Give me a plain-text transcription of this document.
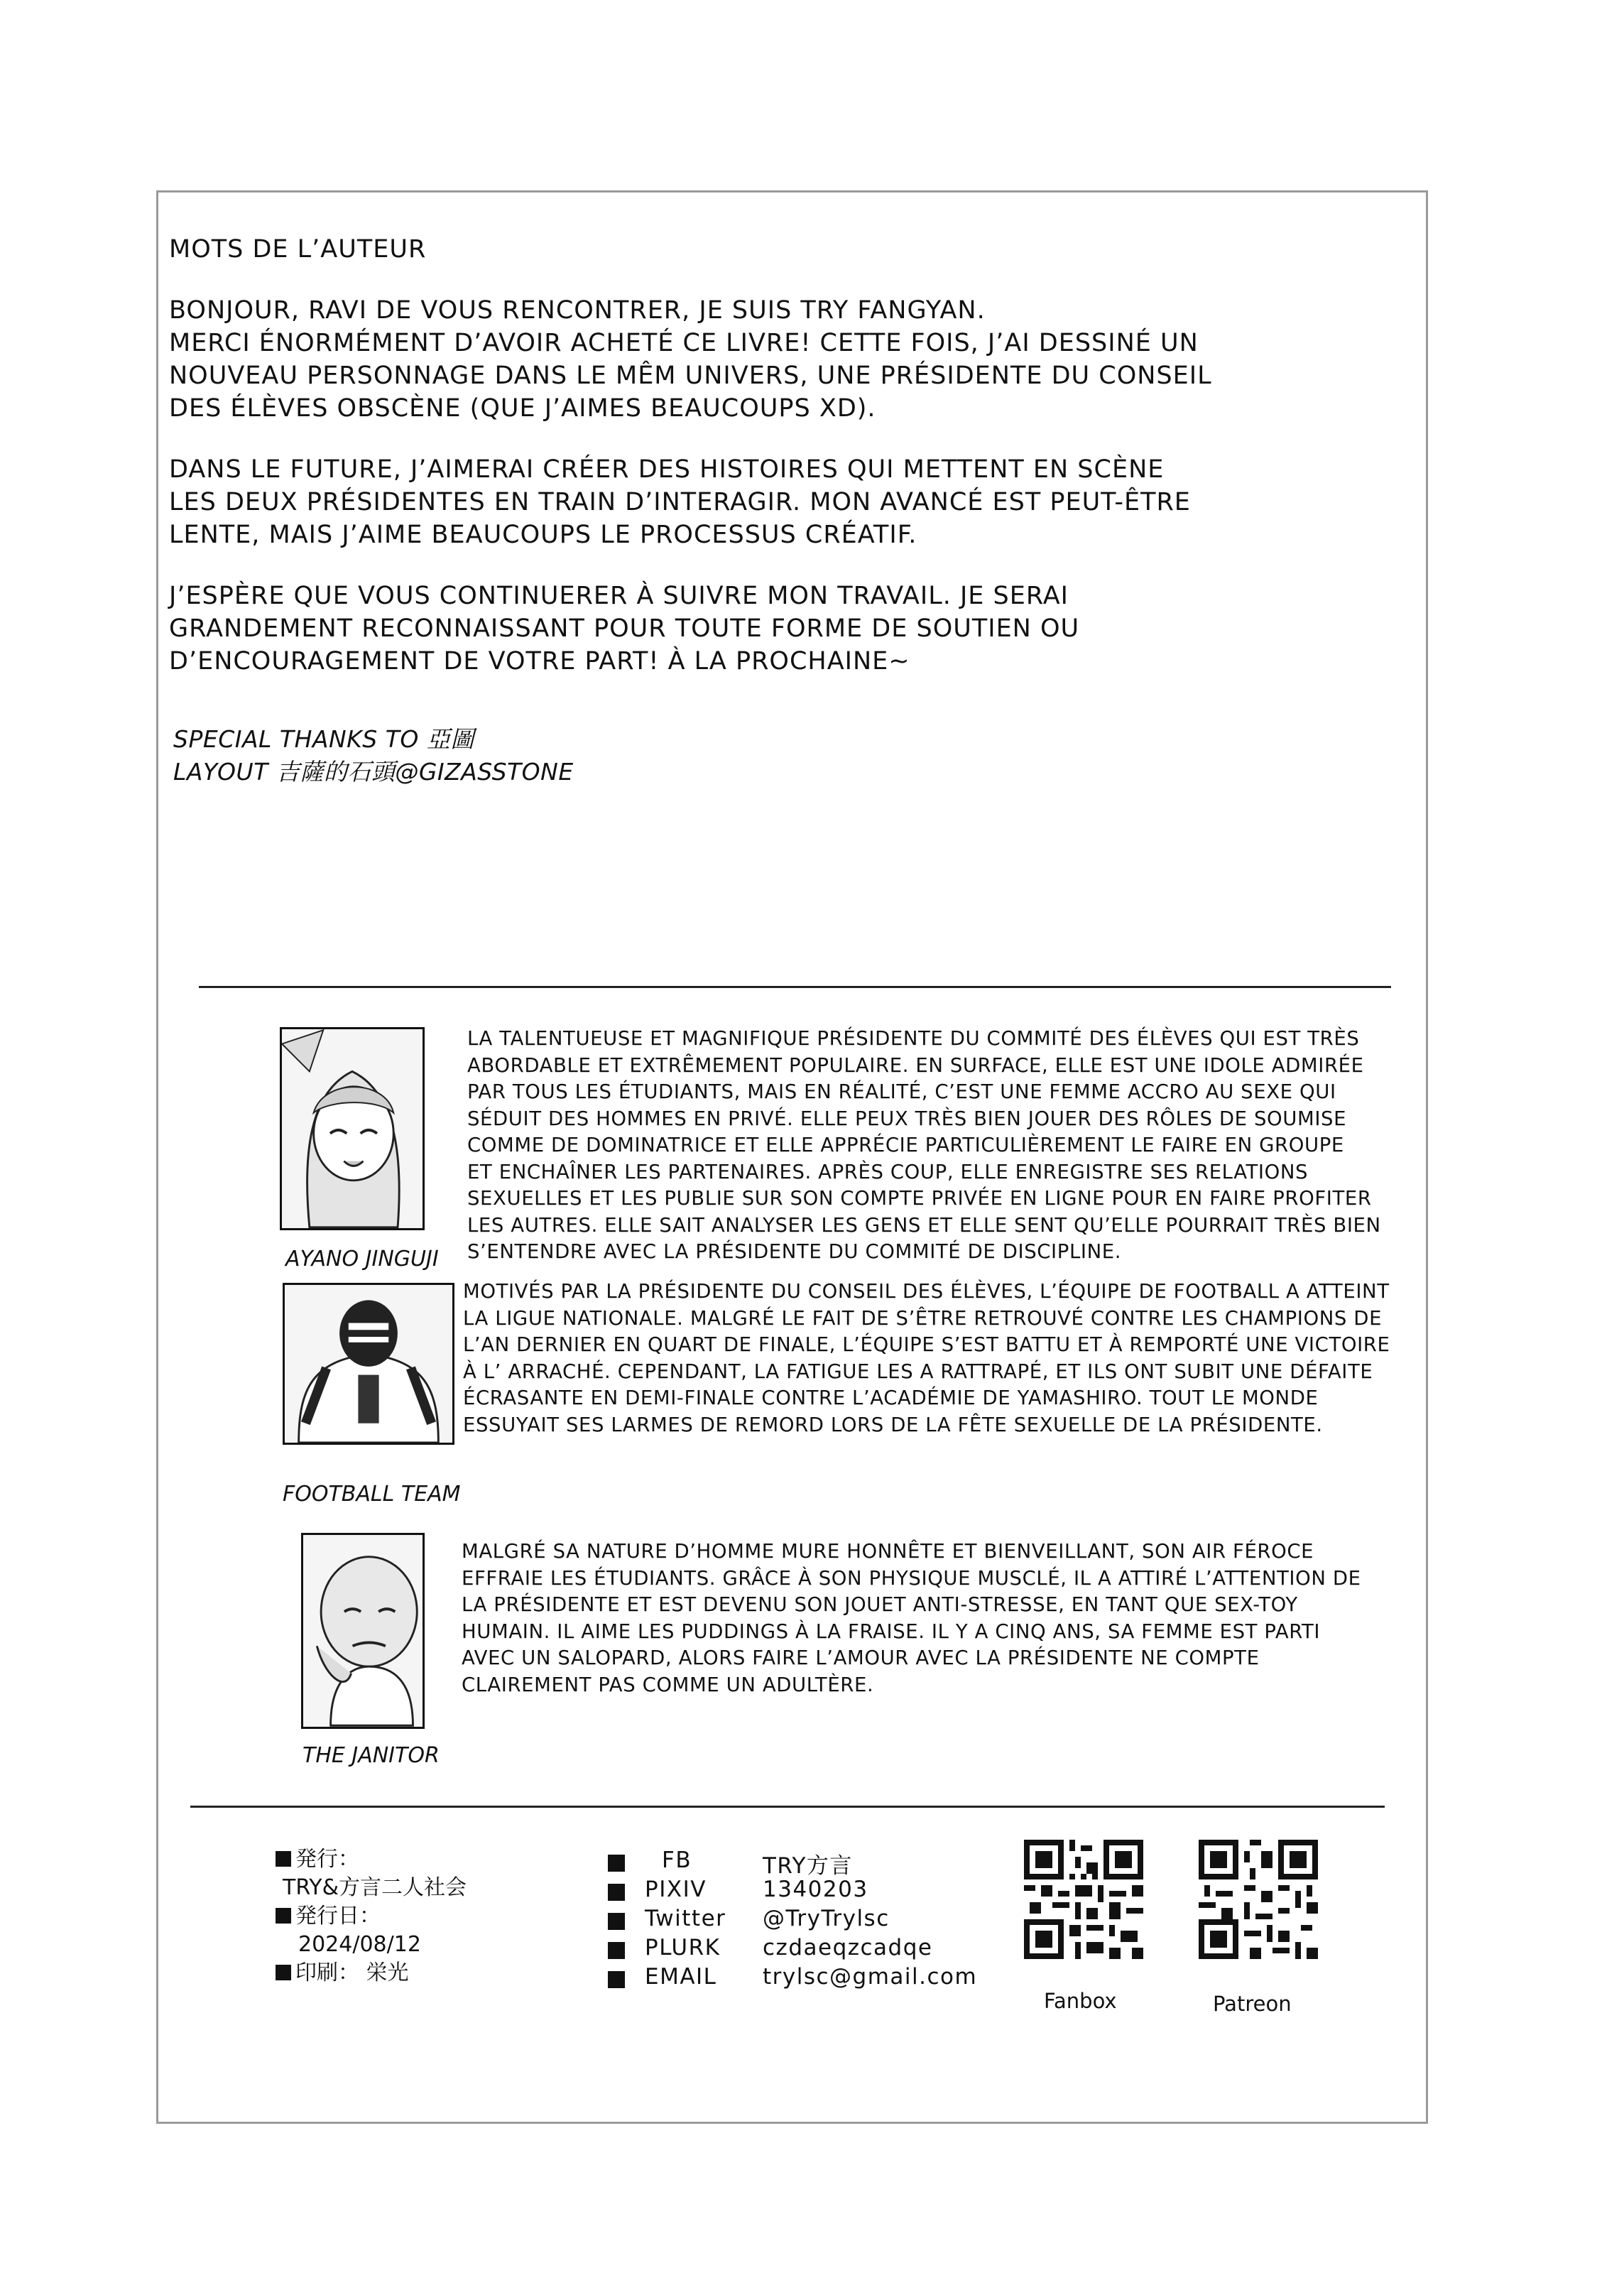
MOTS DE L’AUTEUR
BONJOUR, RAVI DE VOUS RENCONTRER, JE SUIS TRY FANGYAN.
MERCI ÉNORMÉMENT D’AVOIR ACHETÉ CE LIVRE! CETTE FOIS, J’AI DESSINÉ UN
NOUVEAU PERSONNAGE DANS LE MÊM UNIVERS, UNE PRÉSIDENTE DU CONSEIL
DES ÉLÈVES OBSCÈNE (QUE J’AIMES BEAUCOUPS XD).
DANS LE FUTURE, J’AIMERAI CRÉER DES HISTOIRES QUI METTENT EN SCÈNE
LES DEUX PRÉSIDENTES EN TRAIN D’INTERAGIR. MON AVANCÉ EST PEUT-ÊTRE
LENTE, MAIS J’AIME BEAUCOUPS LE PROCESSUS CRÉATIF.
J’ESPÈRE QUE VOUS CONTINUERER À SUIVRE MON TRAVAIL. JE SERAI
GRANDEMENT RECONNAISSANT POUR TOUTE FORME DE SOUTIEN OU
D’ENCOURAGEMENT DE VOTRE PART! À LA PROCHAINE~
SPECIAL THANKS TO 亞圖
LAYOUT 吉薩的石頭@GIZASSTONE
AYANO JINGUJI
LA TALENTUEUSE ET MAGNIFIQUE PRÉSIDENTE DU COMMITÉ DES ÉLÈVES QUI EST TRÈS
ABORDABLE ET EXTRÊMEMENT POPULAIRE. EN SURFACE, ELLE EST UNE IDOLE ADMIRÉE
PAR TOUS LES ÉTUDIANTS, MAIS EN RÉALITÉ, C’EST UNE FEMME ACCRO AU SEXE QUI
SÉDUIT DES HOMMES EN PRIVÉ. ELLE PEUX TRÈS BIEN JOUER DES RÔLES DE SOUMISE
COMME DE DOMINATRICE ET ELLE APPRÉCIE PARTICULIÈREMENT LE FAIRE EN GROUPE
ET ENCHAÎNER LES PARTENAIRES. APRÈS COUP, ELLE ENREGISTRE SES RELATIONS
SEXUELLES ET LES PUBLIE SUR SON COMPTE PRIVÉE EN LIGNE POUR EN FAIRE PROFITER
LES AUTRES. ELLE SAIT ANALYSER LES GENS ET ELLE SENT QU’ELLE POURRAIT TRÈS BIEN
S’ENTENDRE AVEC LA PRÉSIDENTE DU COMMITÉ DE DISCIPLINE.
FOOTBALL TEAM
MOTIVÉS PAR LA PRÉSIDENTE DU CONSEIL DES ÉLÈVES, L’ÉQUIPE DE FOOTBALL A ATTEINT
LA LIGUE NATIONALE. MALGRÉ LE FAIT DE S’ÊTRE RETROUVÉ CONTRE LES CHAMPIONS DE
L’AN DERNIER EN QUART DE FINALE, L’ÉQUIPE S’EST BATTU ET À REMPORTÉ UNE VICTOIRE
À L’ ARRACHÉ. CEPENDANT, LA FATIGUE LES A RATTRAPÉ, ET ILS ONT SUBIT UNE DÉFAITE
ÉCRASANTE EN DEMI-FINALE CONTRE L’ACADÉMIE DE YAMASHIRO. TOUT LE MONDE
ESSUYAIT SES LARMES DE REMORD LORS DE LA FÊTE SEXUELLE DE LA PRÉSIDENTE.
THE JANITOR
MALGRÉ SA NATURE D’HOMME MURE HONNÊTE ET BIENVEILLANT, SON AIR FÉROCE
EFFRAIE LES ÉTUDIANTS. GRÂCE À SON PHYSIQUE MUSCLÉ, IL A ATTIRÉ L’ATTENTION DE
LA PRÉSIDENTE ET EST DEVENU SON JOUET ANTI-STRESSE, EN TANT QUE SEX-TOY
HUMAIN. IL AIME LES PUDDINGS À LA FRAISE. IL Y A CINQ ANS, SA FEMME EST PARTI
AVEC UN SALOPARD, ALORS FAIRE L’AMOUR AVEC LA PRÉSIDENTE NE COMPTE
CLAIREMENT PAS COMME UN ADULTÈRE.
発行：
TRY&方言二人社会
発行日：
2024/08/12
印刷： 栄光
FB	TRY方言
PIXIV	1340203
Twitter @TryTrylsc
PLURK czdaeqzcadqe
EMAIL trylsc@gmail.com
Fanbox	Patreon
